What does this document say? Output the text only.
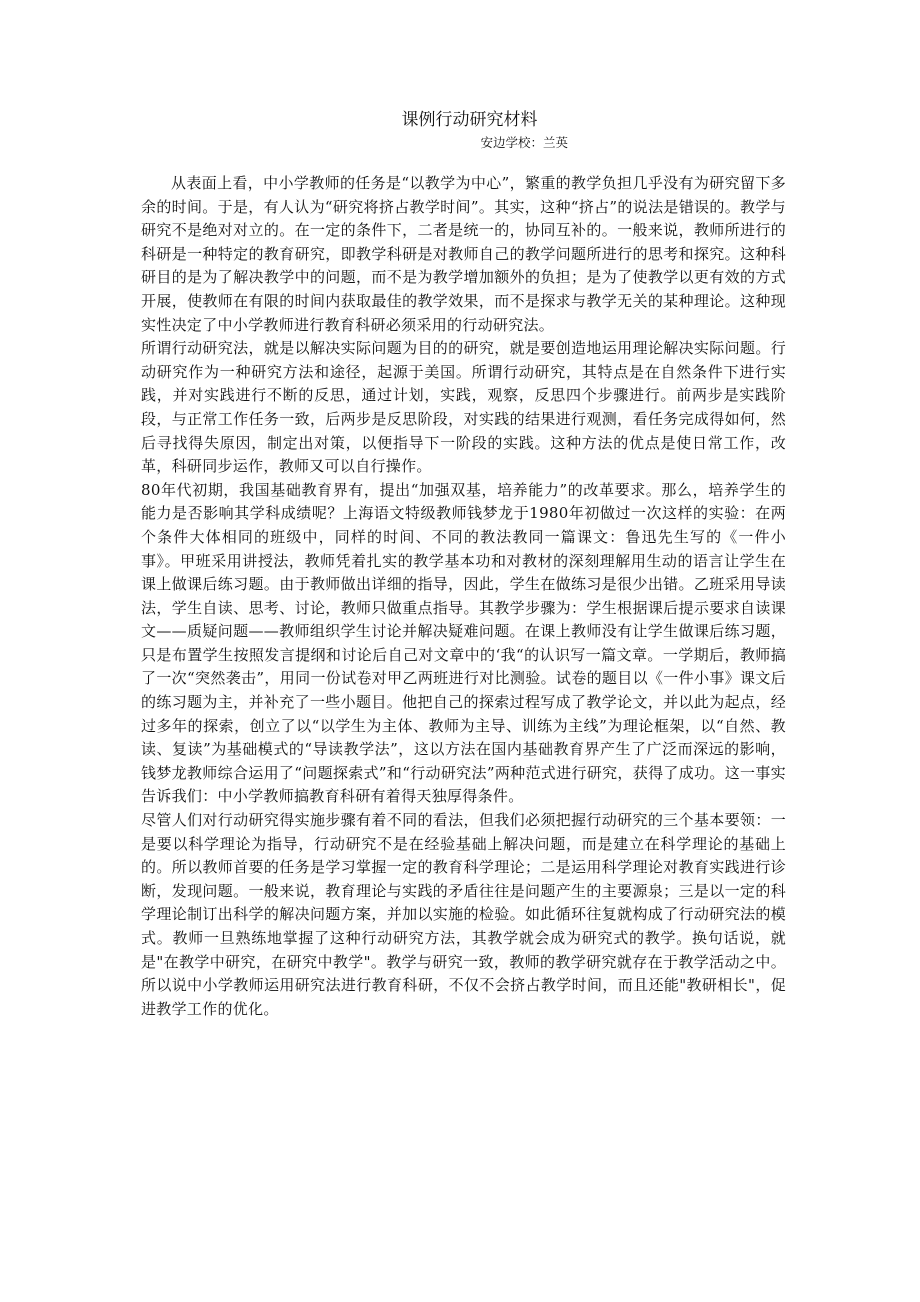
课例行动研究材料
安边学校：兰英

从表面上看，中小学教师的任务是“以教学为中心”，繁重的教学负担几乎没有为研究留下多余的时间。于是，有人认为“研究将挤占教学时间”。其实，这种“挤占”的说法是错误的。教学与研究不是绝对对立的。在一定的条件下，二者是统一的，协同互补的。一般来说，教师所进行的科研是一种特定的教育研究，即教学科研是对教师自己的教学问题所进行的思考和探究。这种科研目的是为了解决教学中的问题，而不是为教学增加额外的负担；是为了使教学以更有效的方式开展，使教师在有限的时间内获取最佳的教学效果，而不是探求与教学无关的某种理论。这种现实性决定了中小学教师进行教育科研必须采用的行动研究法。

所谓行动研究法，就是以解决实际问题为目的的研究，就是要创造地运用理论解决实际问题。行动研究作为一种研究方法和途径，起源于美国。所谓行动研究，其特点是在自然条件下进行实践，并对实践进行不断的反思，通过计划，实践，观察，反思四个步骤进行。前两步是实践阶段，与正常工作任务一致，后两步是反思阶段，对实践的结果进行观测，看任务完成得如何，然后寻找得失原因，制定出对策，以便指导下一阶段的实践。这种方法的优点是使日常工作，改革，科研同步运作，教师又可以自行操作。

80年代初期，我国基础教育界有，提出“加强双基，培养能力”的改革要求。那么，培养学生的能力是否影响其学科成绩呢？上海语文特级教师钱梦龙于1980年初做过一次这样的实验：在两个条件大体相同的班级中，同样的时间、不同的教法教同一篇课文：鲁迅先生写的《一件小事》。甲班采用讲授法，教师凭着扎实的教学基本功和对教材的深刻理解用生动的语言让学生在课上做课后练习题。由于教师做出详细的指导，因此，学生在做练习是很少出错。乙班采用导读法，学生自读、思考、讨论，教师只做重点指导。其教学步骤为：学生根据课后提示要求自读课文——质疑问题——教师组织学生讨论并解决疑难问题。在课上教师没有让学生做课后练习题，只是布置学生按照发言提纲和讨论后自己对文章中的‘我“的认识写一篇文章。一学期后，教师搞了一次“突然袭击”，用同一份试卷对甲乙两班进行对比测验。试卷的题目以《一件小事》课文后的练习题为主，并补充了一些小题目。他把自己的探索过程写成了教学论文，并以此为起点，经过多年的探索，创立了以“以学生为主体、教师为主导、训练为主线”为理论框架，以“自然、教读、复读”为基础模式的“导读教学法”，这以方法在国内基础教育界产生了广泛而深远的影响，钱梦龙教师综合运用了“问题探索式”和“行动研究法”两种范式进行研究，获得了成功。这一事实告诉我们：中小学教师搞教育科研有着得天独厚得条件。

尽管人们对行动研究得实施步骤有着不同的看法，但我们必须把握行动研究的三个基本要领：一是要以科学理论为指导，行动研究不是在经验基础上解决问题，而是建立在科学理论的基础上的。所以教师首要的任务是学习掌握一定的教育科学理论；二是运用科学理论对教育实践进行诊断，发现问题。一般来说，教育理论与实践的矛盾往往是问题产生的主要源泉；三是以一定的科学理论制订出科学的解决问题方案，并加以实施的检验。如此循环往复就构成了行动研究法的模式。教师一旦熟练地掌握了这种行动研究方法，其教学就会成为研究式的教学。换句话说，就是"在教学中研究，在研究中教学"。教学与研究一致，教师的教学研究就存在于教学活动之中。所以说中小学教师运用研究法进行教育科研，不仅不会挤占教学时间，而且还能"教研相长"，促进教学工作的优化。
